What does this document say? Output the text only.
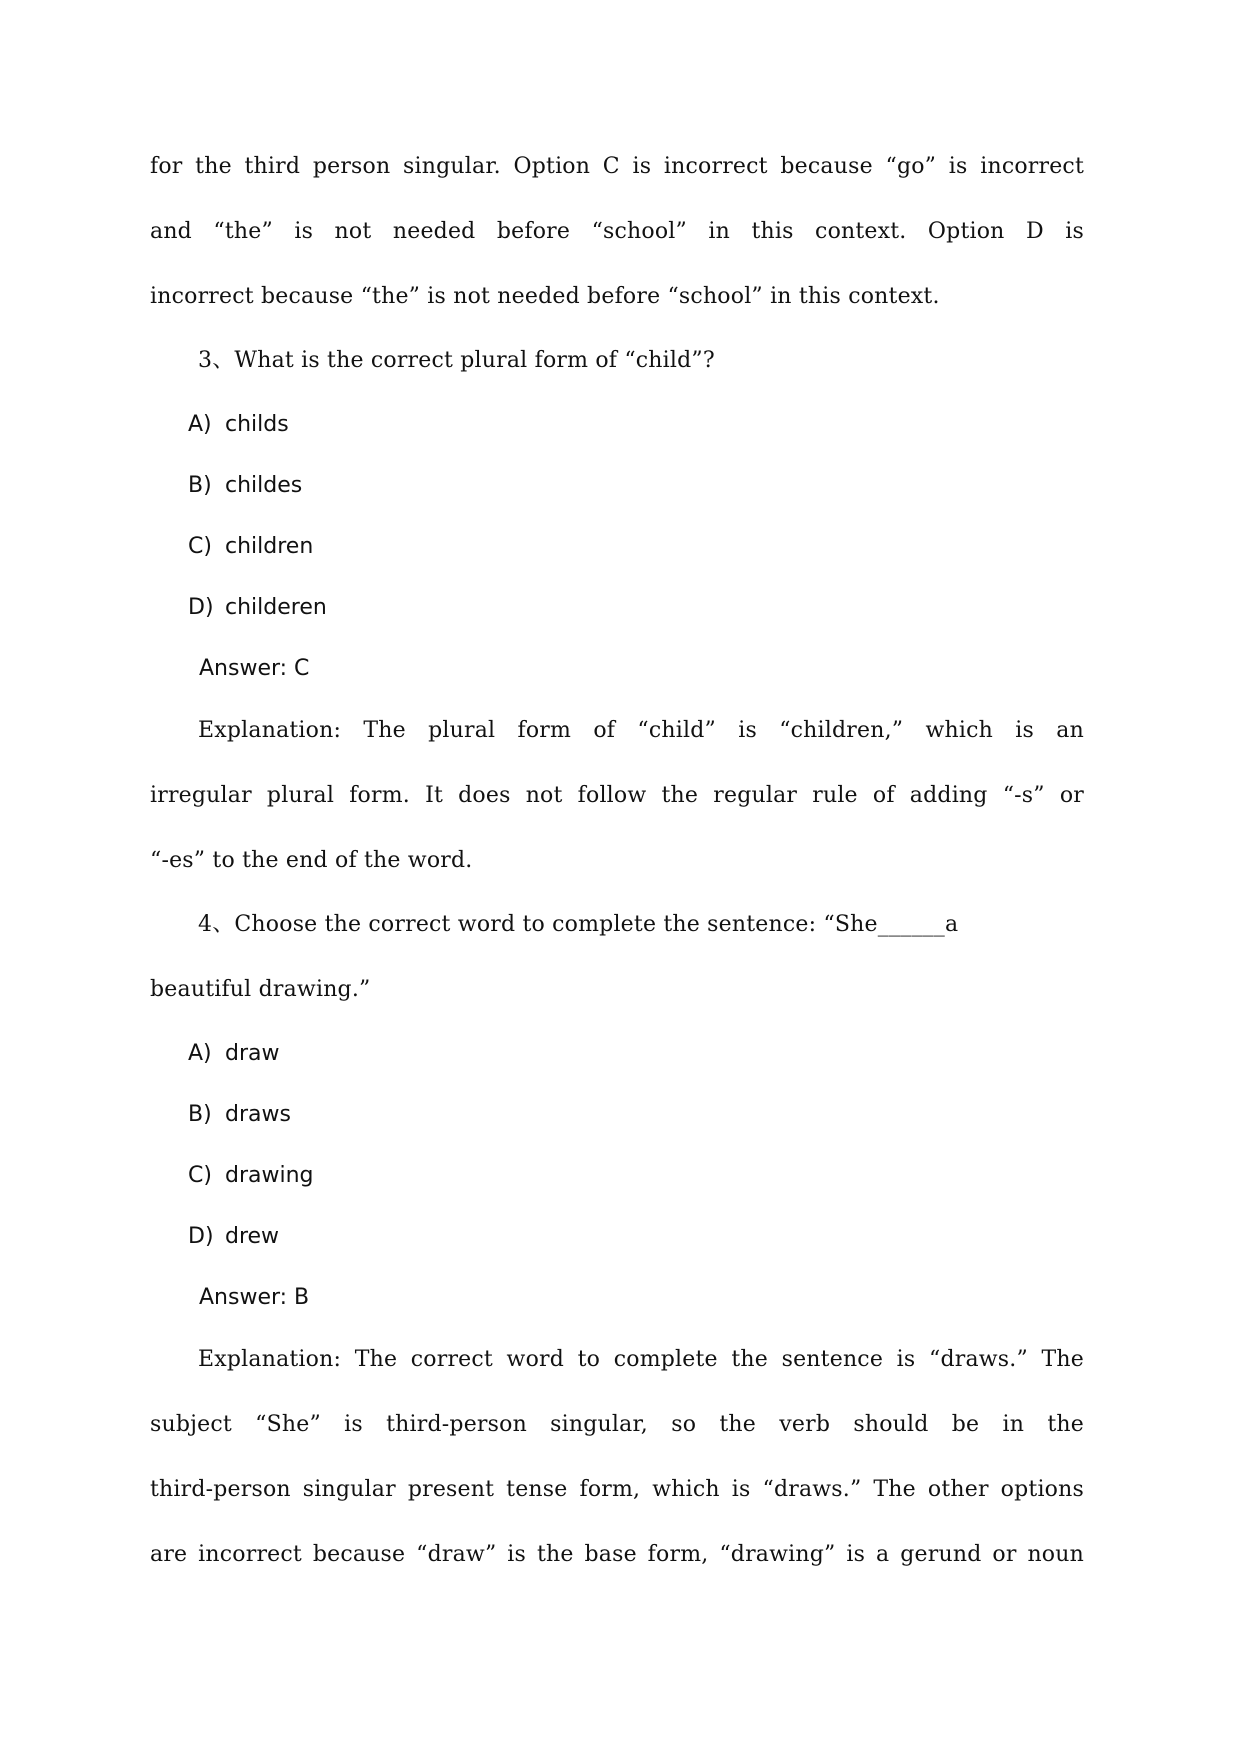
for the third person singular. Option C is incorrect because “go” is incorrect
and “the” is not needed before “school” in this context. Option D is
incorrect because “the” is not needed before “school” in this context.
3、What is the correct plural form of “child”?
A) childs
B) childes
C) children
D) childeren
Answer: C
Explanation: The plural form of “child” is “children,” which is an
irregular plural form. It does not follow the regular rule of adding “-s” or
“-es” to the end of the word.
4、Choose the correct word to complete the sentence: “She______a
beautiful drawing.”
A) draw
B) draws
C) drawing
D) drew
Answer: B
Explanation: The correct word to complete the sentence is “draws.” The
subject “She” is third-person singular, so the verb should be in the
third-person singular present tense form, which is “draws.” The other options
are incorrect because “draw” is the base form, “drawing” is a gerund or noun
